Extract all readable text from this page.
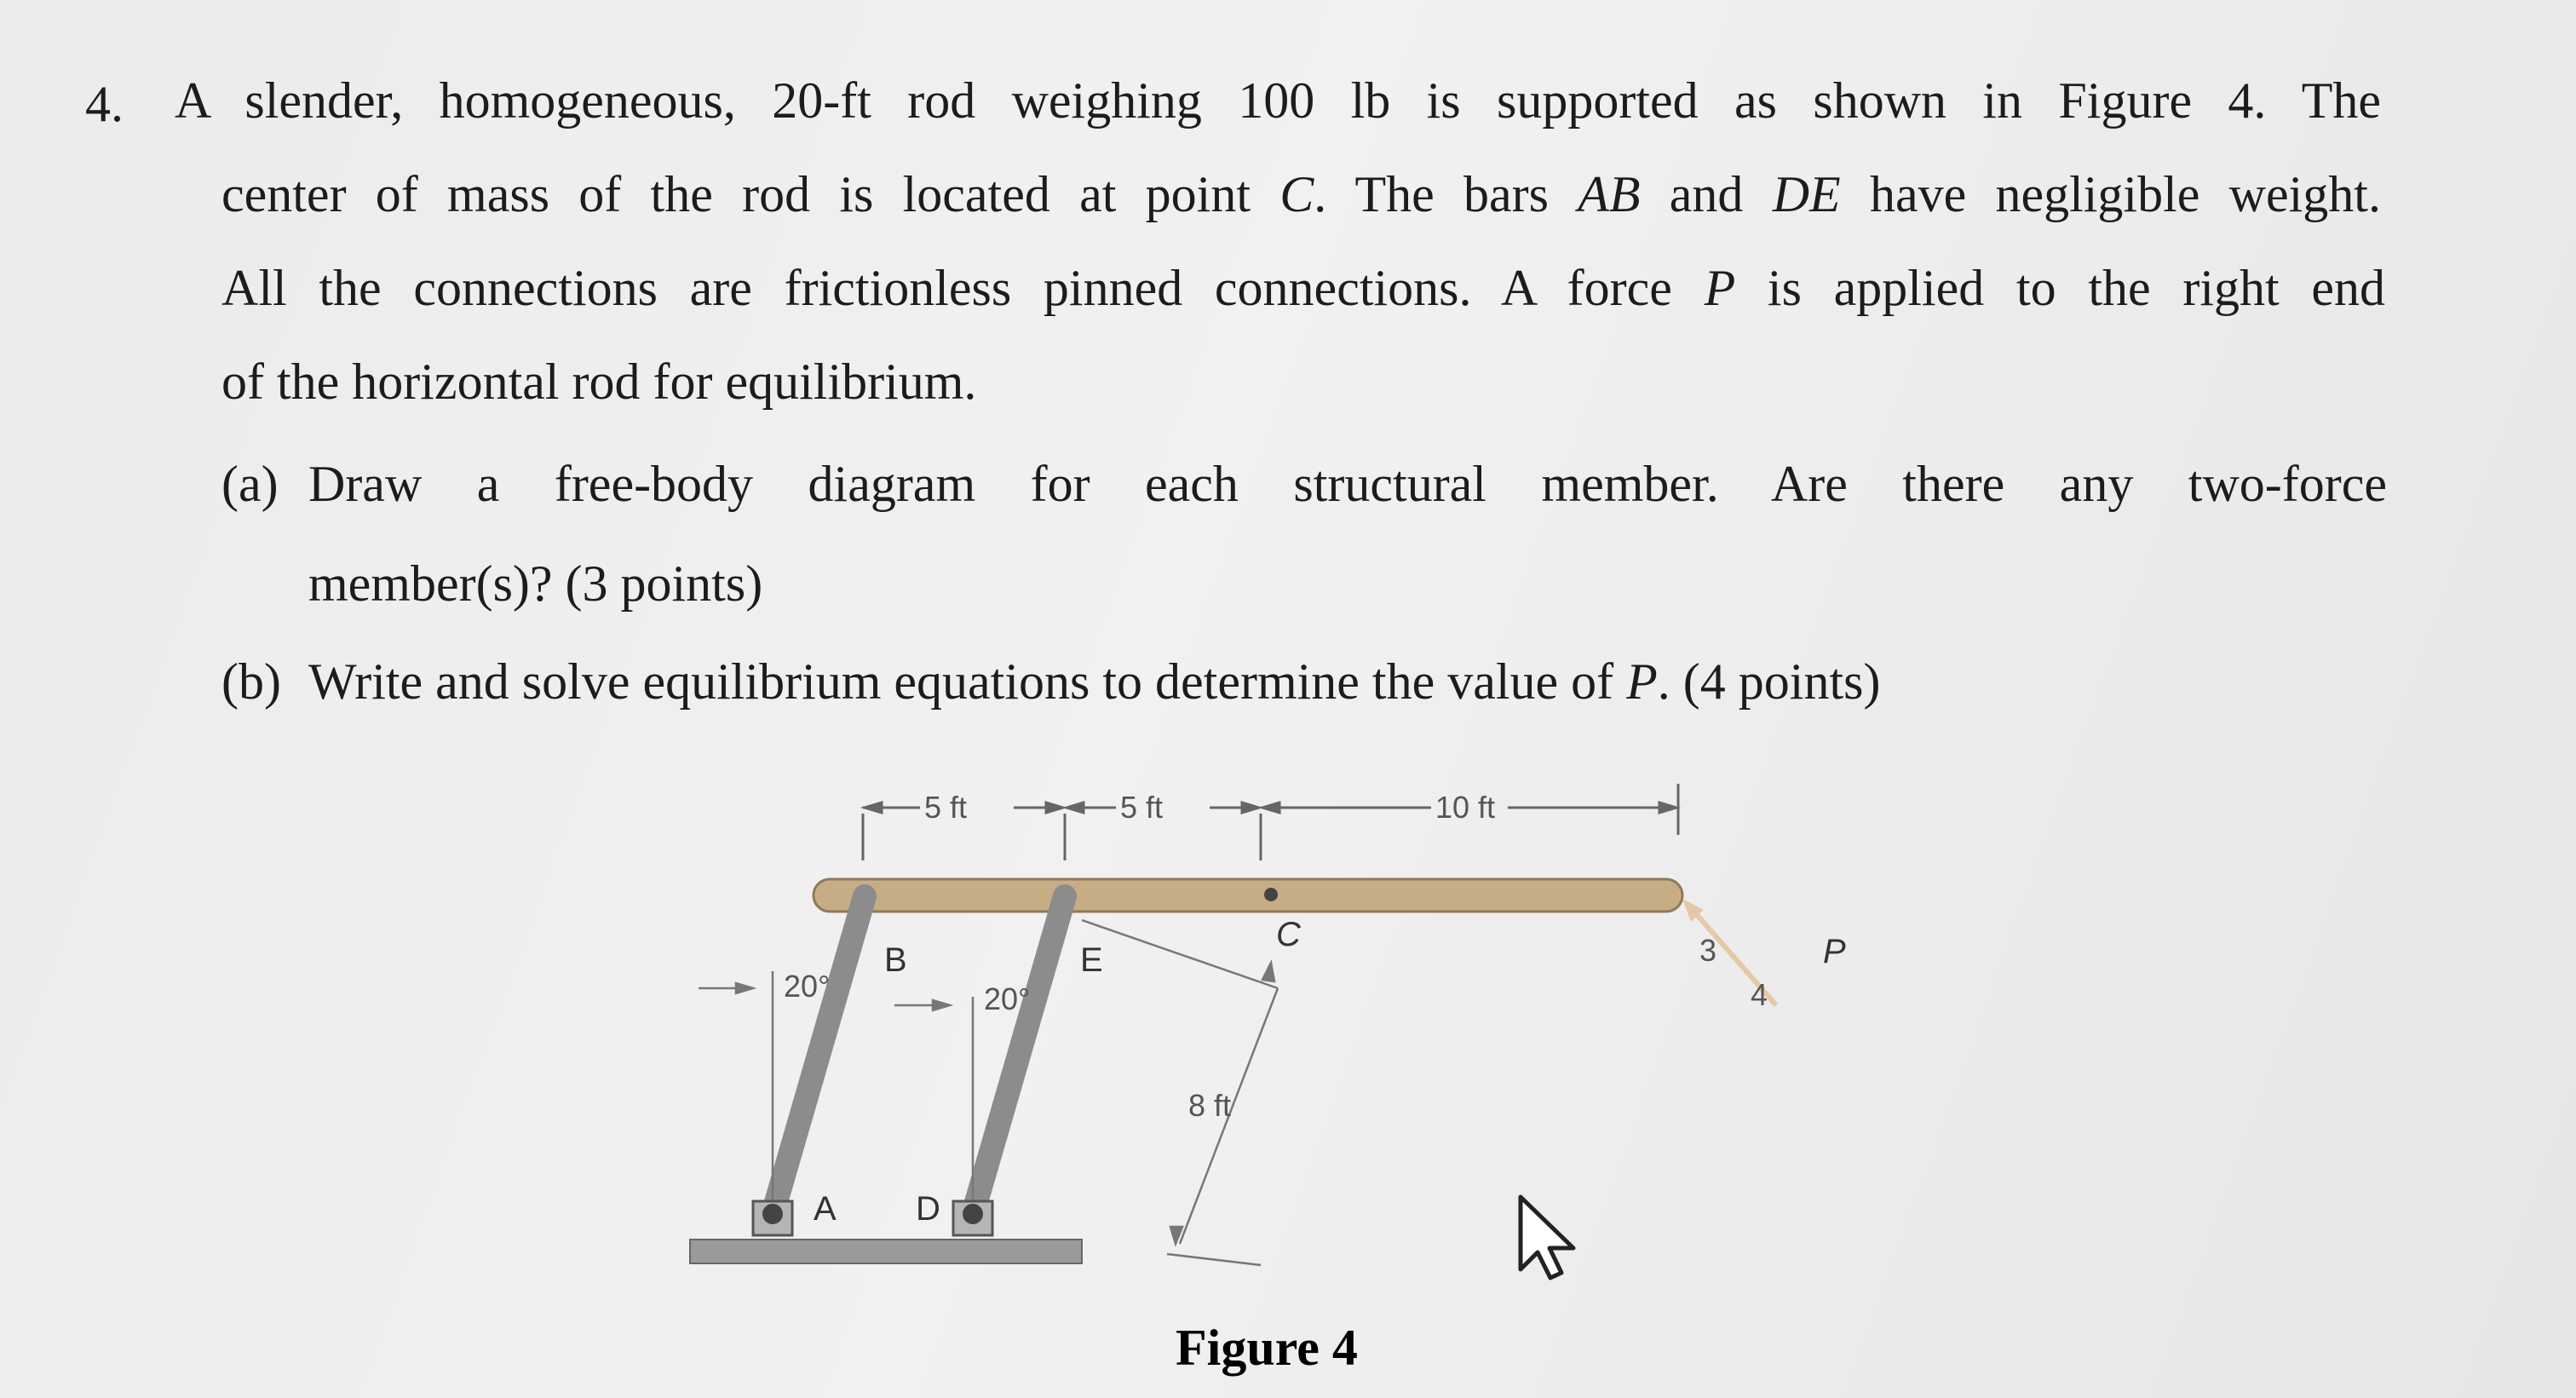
4. A slender, homogeneous, 20-ft rod weighing 100 lb is supported as shown in Figure 4. The
center of mass of the rod is located at point C. The bars AB and DE have negligible weight.
All the connections are frictionless pinned connections. A force P is applied to the right end
of the horizontal rod for equilibrium.
(a) Draw a free-body diagram for each structural member. Are there any two-force
member(s)? (3 points)
(b) Write and solve equilibrium equations to determine the value of P. (4 points)
5 ft	5 ft	10 ft
20°	20°
8 ft
B	E
C
A D
P
3
4
Figure 4
